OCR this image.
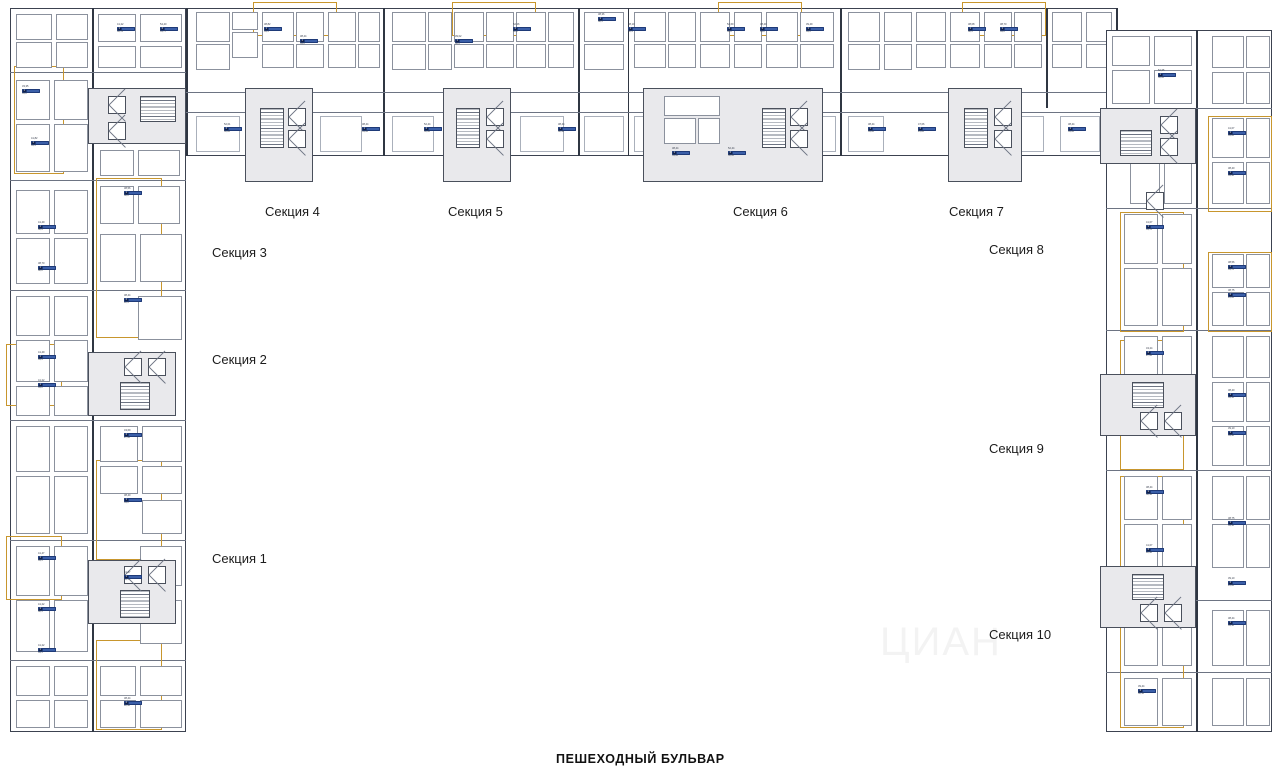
ЦИАН
41,22
1
30,76
54,40
2
51,77
38,82
1
39,4
38,44
1
39,0
39,02
1
38,6
52,26
2
50,2
38,36
1
38,5
38,10
1
38,4
52,69
2
50,8
38,49
1
39,2
39,49
1
39,6
38,08
1
38,3
38,70
1
39,0
33,35
1
33,0
41,82
1
39,4
38,56
1
38,0
41,49
1
38,9
38,70
1
38,0
38,44
2
42,9
41,49
1
39,4
41,22
1
39,0
43,69
2
47,60
38,40
1
39,0
41,47
1
39,5
41,47
1
39,1
41,22
1
38,5
41,22
1
39,1
38,44
2
42,90
52,01
2
50,20
38,44
1
39,00
52,44
2
50,00
38,44
1
38,90
38,44
1
39,00
52,44
2
50,00
38,44
1
39,00
47,06
2
45,20
38,44
1
39,00
52,65
1
50,00
41,07
1
39,00
38,40
1
39,40
41,07
1
34,70
38,56
1
34,70
38,75
2
43,00
43,24
2
47,60
38,40
1
39,10
39,10
1
39,40
38,44
1
38,40
38,75
1
39,10
41,07
2
42,90
39,10
2
43,00
38,44
1
39,10
39,44
2
50,10
Секция 1
Секция 2
Секция 3
Секция 4	Секция 5	Секция 6	Секция 7
Секция 8
Секция 9
Секция 10
ПЕШЕХОДНЫЙ БУЛЬВАР
